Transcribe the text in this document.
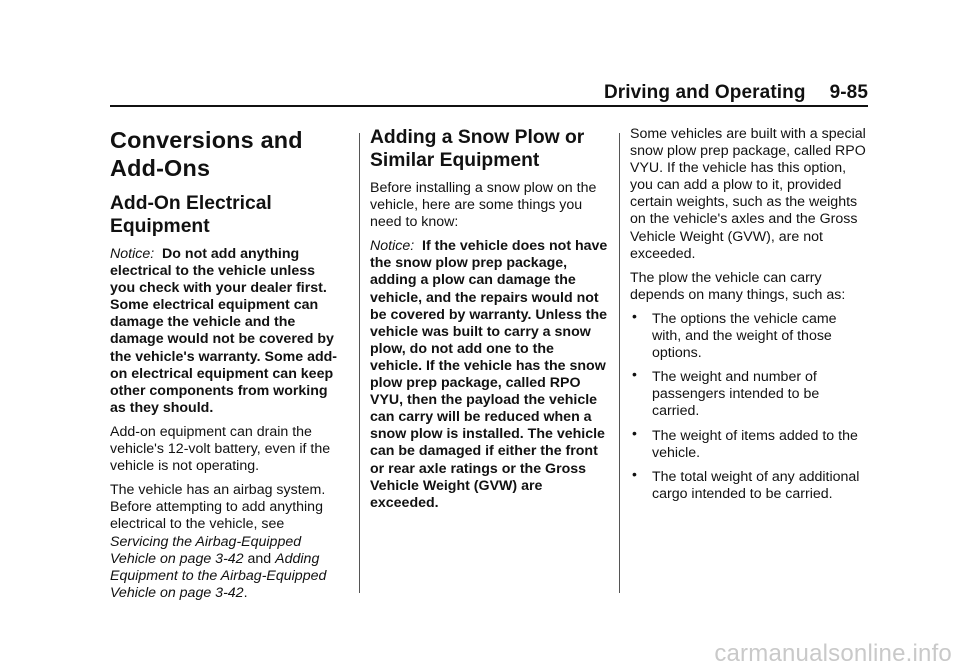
Driving and Operating 9-85
Conversions and
Add-Ons
Add-On Electrical
Equipment

Notice: Do not add anything electrical to the vehicle unless you check with your dealer first. Some electrical equipment can damage the vehicle and the damage would not be covered by the vehicle's warranty. Some add-on electrical equipment can keep other components from working as they should.

Add-on equipment can drain the vehicle's 12-volt battery, even if the vehicle is not operating.

The vehicle has an airbag system. Before attempting to add anything electrical to the vehicle, see Servicing the Airbag-Equipped Vehicle on page 3-42 and Adding Equipment to the Airbag-Equipped Vehicle on page 3-42.

Adding a Snow Plow or
Similar Equipment

Before installing a snow plow on the vehicle, here are some things you need to know:

Notice: If the vehicle does not have the snow plow prep package, adding a plow can damage the vehicle, and the repairs would not be covered by warranty. Unless the vehicle was built to carry a snow plow, do not add one to the vehicle. If the vehicle has the snow plow prep package, called RPO VYU, then the payload the vehicle can carry will be reduced when a snow plow is installed. The vehicle can be damaged if either the front or rear axle ratings or the Gross Vehicle Weight (GVW) are exceeded.

Some vehicles are built with a special snow plow prep package, called RPO VYU. If the vehicle has this option, you can add a plow to it, provided certain weights, such as the weights on the vehicle's axles and the Gross Vehicle Weight (GVW), are not exceeded.

The plow the vehicle can carry depends on many things, such as:

• The options the vehicle came with, and the weight of those options.
• The weight and number of passengers intended to be carried.
• The weight of items added to the vehicle.
• The total weight of any additional cargo intended to be carried.
carmanualsonline.info
